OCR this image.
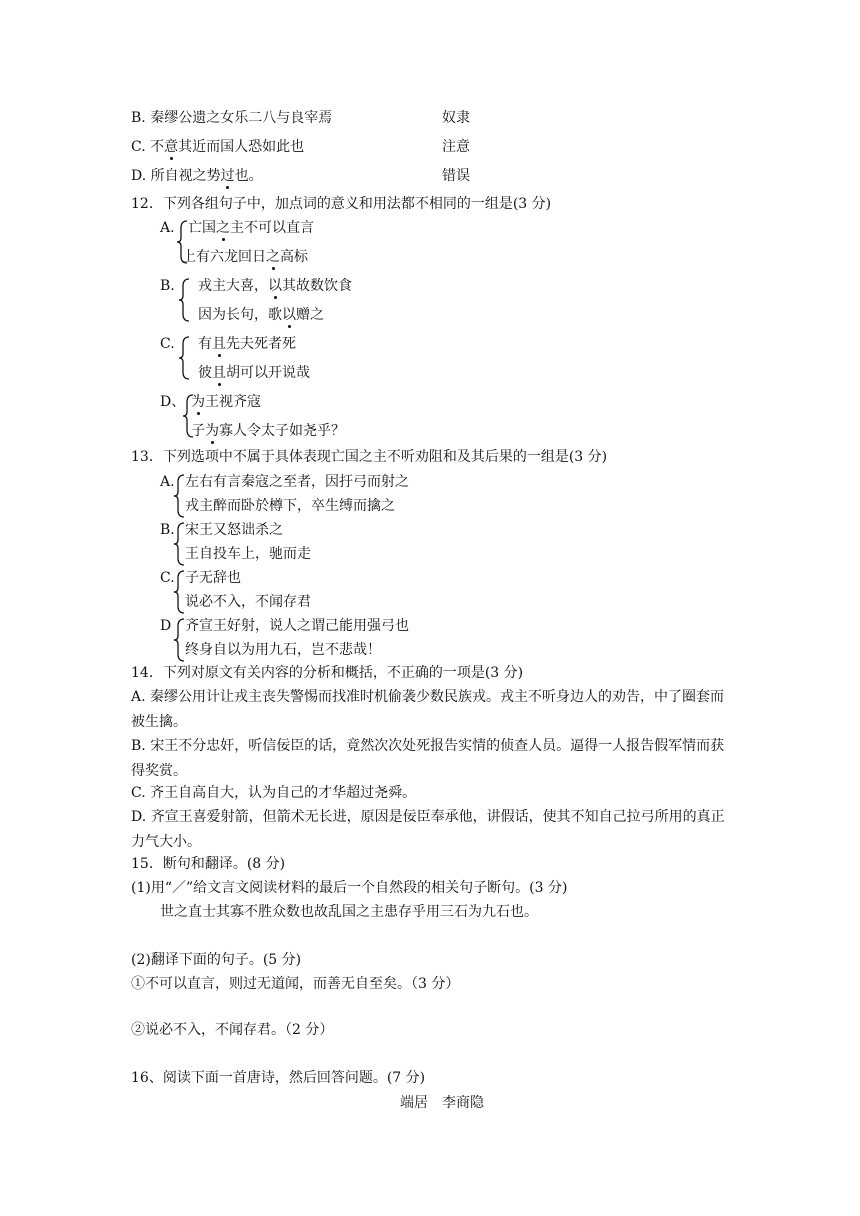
B. 秦缪公遗之女乐二八与良宰焉	奴隶
C. 不意其近而国人恐如此也	注意
D. 所自视之势过也。	错误
12．下列各组句子中，加点词的意义和用法都不相同的一组是(3 分)
A. 亡国之主不可以直言
上有六龙回日之高标
B. 戎主大喜，以其故数饮食
因为长句，歌以赠之
C. 有且先夫死者死
彼且胡可以开说哉
D、 为王视齐寇
子为寡人令太子如尧乎？
13．下列选项中不属于具体表现亡国之主不听劝阻和及其后果的一组是(3 分)
A. 左右有言秦寇之至者，因扜弓而射之
戎主醉而卧於樽下，卒生缚而擒之
B. 宋王又怒诎杀之
王自投车上，驰而走
C. 子无辞也
说必不入，不闻存君
D 齐宣王好射，说人之谓己能用强弓也
终身自以为用九石，岂不悲哉！
14．下列对原文有关内容的分析和概括，不正确的一项是(3 分)
A. 秦缪公用计让戎主丧失警惕而找准时机偷袭少数民族戎。戎主不听身边人的劝告，中了圈套而被生擒。
B. 宋王不分忠奸，听信佞臣的话，竟然次次处死报告实情的侦查人员。逼得一人报告假军情而获得奖赏。
C. 齐王自高自大，认为自己的才华超过尧舜。
D. 齐宣王喜爱射箭，但箭术无长进，原因是佞臣奉承他，讲假话，使其不知自己拉弓所用的真正力气大小。
15．断句和翻译。(8 分)
(1)用“／”给文言文阅读材料的最后一个自然段的相关句子断句。(3 分)
世之直士其寡不胜众数也故乱国之主患存乎用三石为九石也。
(2)翻译下面的句子。(5 分)
①不可以直言，则过无道闻，而善无自至矣。（3 分）
②说必不入，不闻存君。（2 分）
16、阅读下面一首唐诗，然后回答问题。(7 分)
端居　李商隐
